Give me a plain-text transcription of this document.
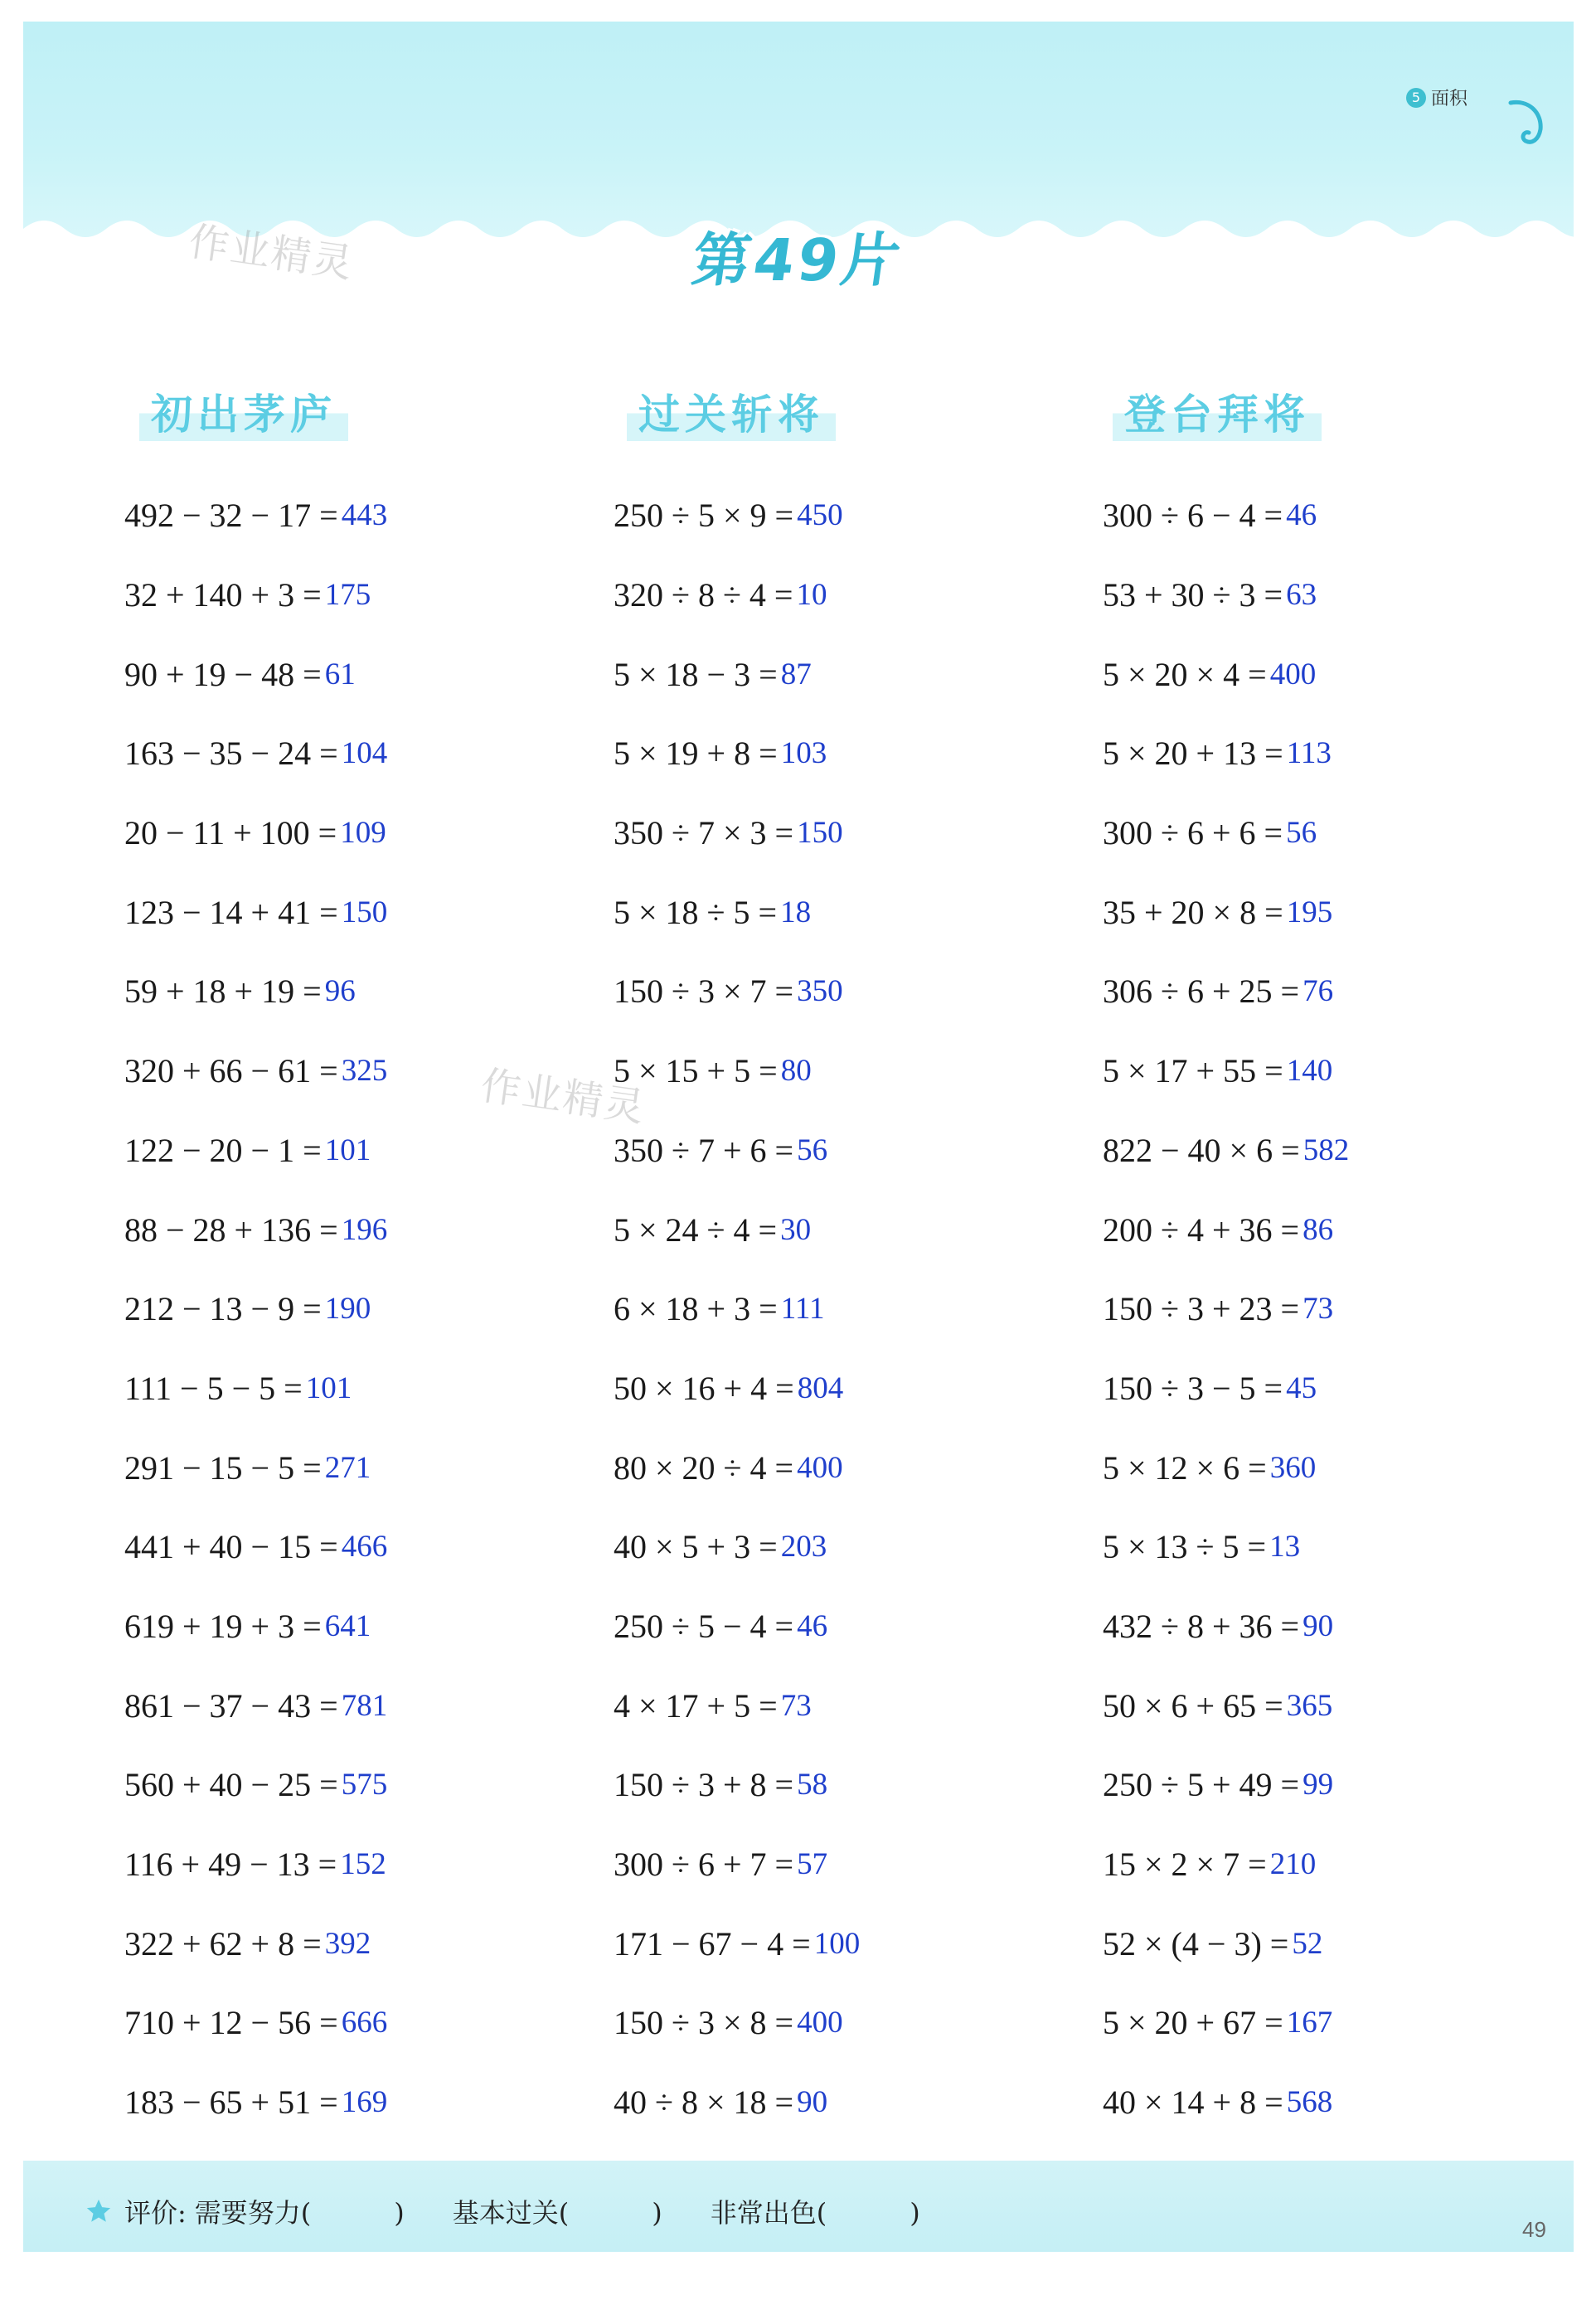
5 面积
作业精灵
作业精灵
第49片
初出茅庐	过关斩将	登台拜将
492 − 32 − 17 = 443
32 + 140 + 3 = 175
90 + 19 − 48 = 61
163 − 35 − 24 = 104
20 − 11 + 100 = 109
123 − 14 + 41 = 150
59 + 18 + 19 = 96
320 + 66 − 61 = 325
122 − 20 − 1 = 101
88 − 28 + 136 = 196
212 − 13 − 9 = 190
111 − 5 − 5 = 101
291 − 15 − 5 = 271
441 + 40 − 15 = 466
619 + 19 + 3 = 641
861 − 37 − 43 = 781
560 + 40 − 25 = 575
116 + 49 − 13 = 152
322 + 62 + 8 = 392
710 + 12 − 56 = 666
183 − 65 + 51 = 169
250 ÷ 5 × 9 = 450
320 ÷ 8 ÷ 4 = 10
5 × 18 − 3 = 87
5 × 19 + 8 = 103
350 ÷ 7 × 3 = 150
5 × 18 ÷ 5 = 18
150 ÷ 3 × 7 = 350
5 × 15 + 5 = 80
350 ÷ 7 + 6 = 56
5 × 24 ÷ 4 = 30
6 × 18 + 3 = 111
50 × 16 + 4 = 804
80 × 20 ÷ 4 = 400
40 × 5 + 3 = 203
250 ÷ 5 − 4 = 46
4 × 17 + 5 = 73
150 ÷ 3 + 8 = 58
300 ÷ 6 + 7 = 57
171 − 67 − 4 = 100
150 ÷ 3 × 8 = 400
40 ÷ 8 × 18 = 90
300 ÷ 6 − 4 = 46
53 + 30 ÷ 3 = 63
5 × 20 × 4 = 400
5 × 20 + 13 = 113
300 ÷ 6 + 6 = 56
35 + 20 × 8 = 195
306 ÷ 6 + 25 = 76
5 × 17 + 55 = 140
822 − 40 × 6 = 582
200 ÷ 4 + 36 = 86
150 ÷ 3 + 23 = 73
150 ÷ 3 − 5 = 45
5 × 12 × 6 = 360
5 × 13 ÷ 5 = 13
432 ÷ 8 + 36 = 90
50 × 6 + 65 = 365
250 ÷ 5 + 49 = 99
15 × 2 × 7 = 210
52 × (4 − 3) = 52
5 × 20 + 67 = 167
40 × 14 + 8 = 568
评价: 需要努力(	) 基本过关(	) 非常出色(	)
49
